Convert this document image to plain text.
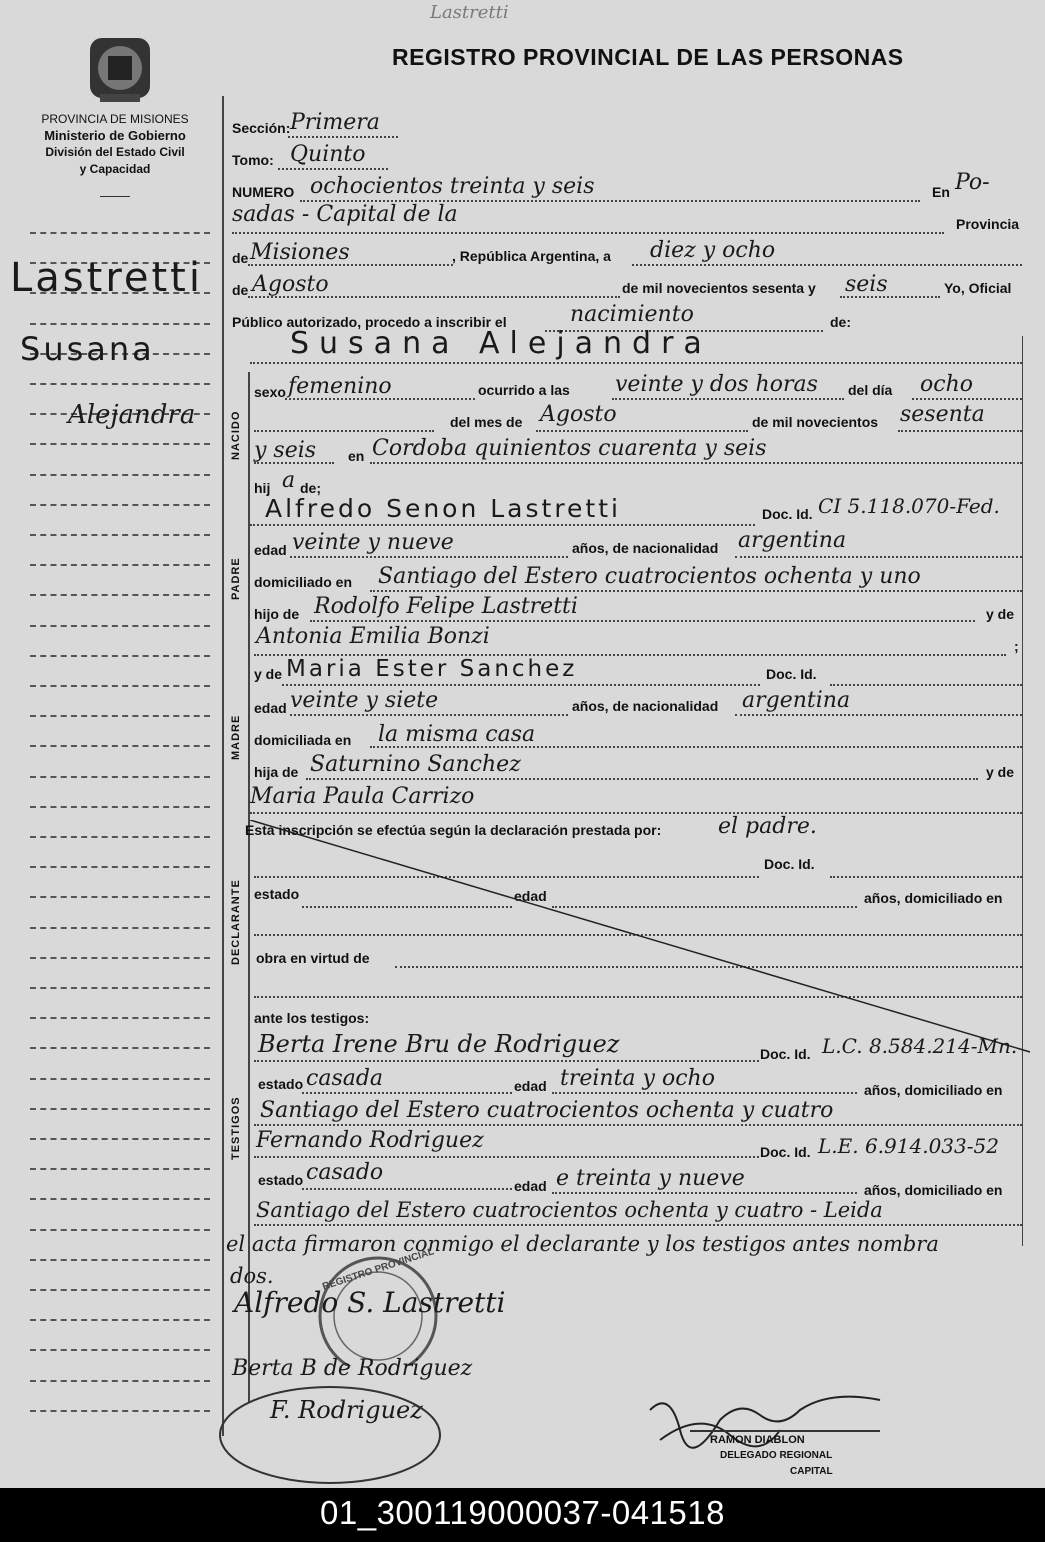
Lastretti
REGISTRO PROVINCIAL DE LAS PERSONAS
PROVINCIA DE MISIONES
Ministerio de Gobierno
División del Estado Civil
y Capacidad
Lastretti
Susana
Alejandra	NACIDO
PADRE
MADRE
DECLARANTE
TESTIGOS
Sección: Primera
Tomo: Quinto
NUMERO ochocientos treinta y seis	En Po-
sadas - Capital de la	Provincia
de Misiones	, República Argentina, a diez y ocho
de Agosto	de mil novecientos sesenta y seis	Yo, Oficial
Público autorizado, procedo a inscribir el	nacimiento	de:
Susana Alejandra
sexo femenino	ocurrido a las veinte y dos horas del día ocho
del mes de Agosto	de mil novecientos sesenta
y seis en Cordoba quinientos cuarenta y seis
hij a de;
Alfredo Senon Lastretti	Doc. Id. CI 5.118.070-Fed.
edad veinte y nueve	años, de nacionalidad argentina
domiciliado en Santiago del Estero cuatrocientos ochenta y uno
hijo de Rodolfo Felipe Lastretti	y de
Antonia Emilia Bonzi	;
y de Maria Ester Sanchez	Doc. Id.
edad veinte y siete	años, de nacionalidad argentina
domiciliada en la misma casa
hija de Saturnino Sanchez	y de
Maria Paula Carrizo
Esta inscripción se efectúa según la declaración prestada por:	el padre.
Doc. Id.
estado	edad	años, domiciliado en
obra en virtud de
ante los testigos:
Berta Irene Bru de Rodriguez	Doc. Id. L.C. 8.584.214-Mn.
estado casada	edad treinta y ocho	años, domiciliado en
Santiago del Estero cuatrocientos ochenta y cuatro
Fernando Rodriguez	Doc. Id. L.E. 6.914.033-52
estado casado
edad e treinta y nueve	años, domiciliado en
Santiago del Estero cuatrocientos ochenta y cuatro - Leida
el acta firmaron conmigo el declarante y los testigos antes nombra
dos.	REGISTRO PROVINCIAL
Alfredo S. Lastretti
Berta B de Rodriguez
F. Rodriguez
RAMON DIABLON
DELEGADO REGIONAL
CAPITAL
01_300119000037-041518
